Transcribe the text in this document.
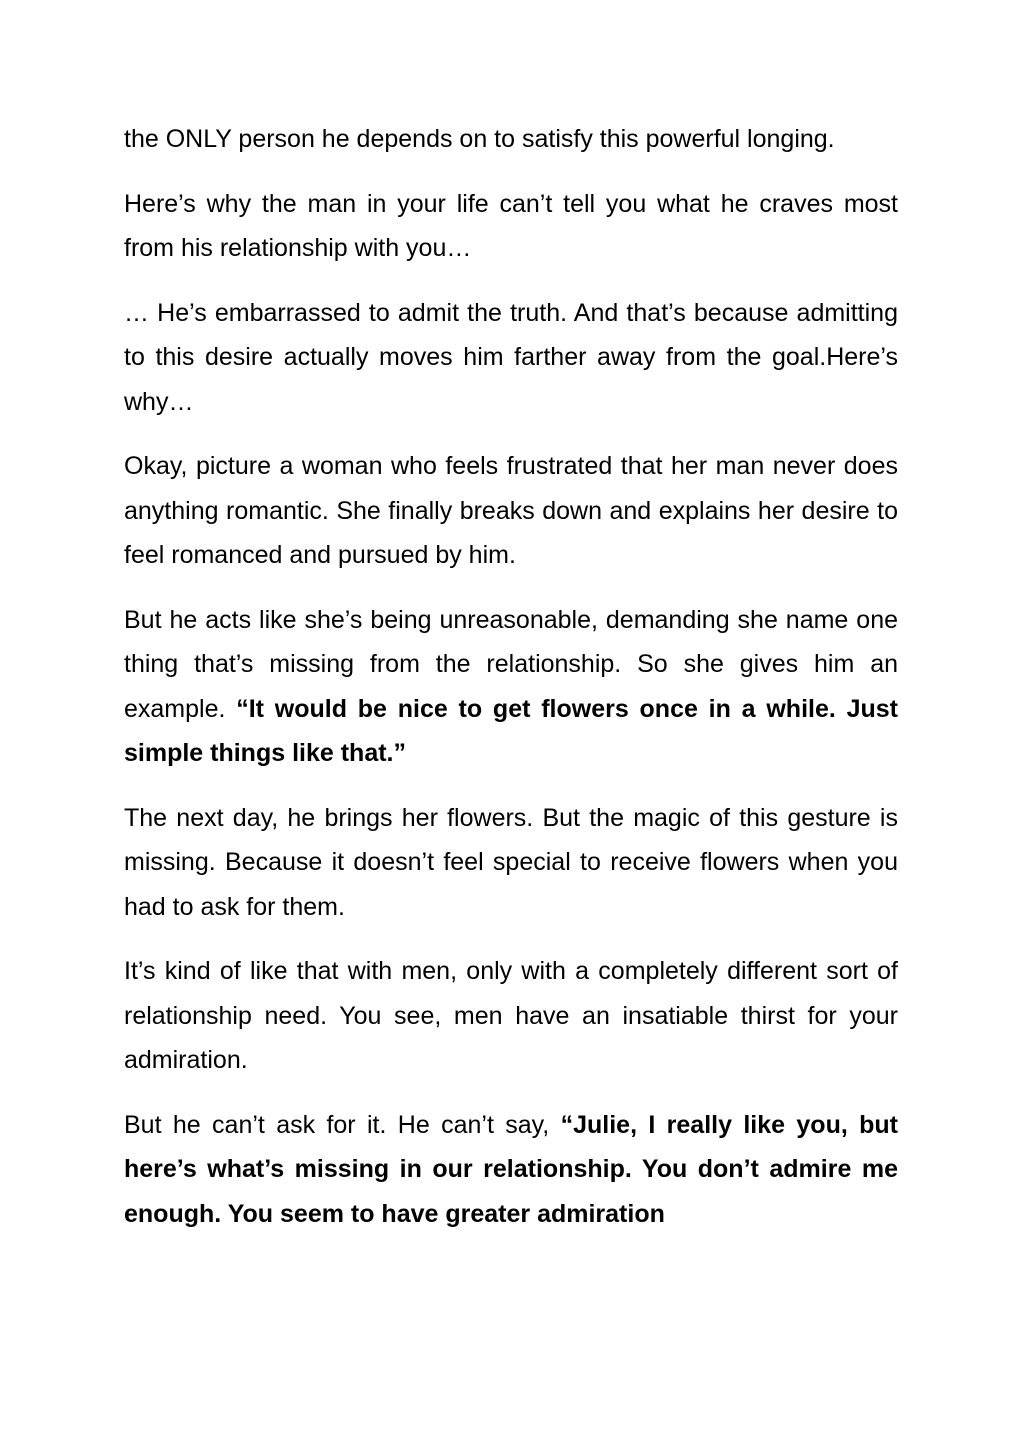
the ONLY person he depends on to satisfy this powerful longing.

Here’s why the man in your life can’t tell you what he craves most from his relationship with you…

… He’s embarrassed to admit the truth. And that’s because admitting to this desire actually moves him farther away from the goal.Here’s why…

Okay, picture a woman who feels frustrated that her man never does anything romantic. She finally breaks down and explains her desire to feel romanced and pursued by him.

But he acts like she’s being unreasonable, demanding she name one thing that’s missing from the relationship. So she gives him an example. “It would be nice to get flowers once in a while. Just simple things like that.”

The next day, he brings her flowers. But the magic of this gesture is missing. Because it doesn’t feel special to receive flowers when you had to ask for them.

It’s kind of like that with men, only with a completely different sort of relationship need. You see, men have an insatiable thirst for your admiration.

But he can’t ask for it. He can’t say, “Julie, I really like you, but here’s what’s missing in our relationship. You don’t admire me enough. You seem to have greater admiration
